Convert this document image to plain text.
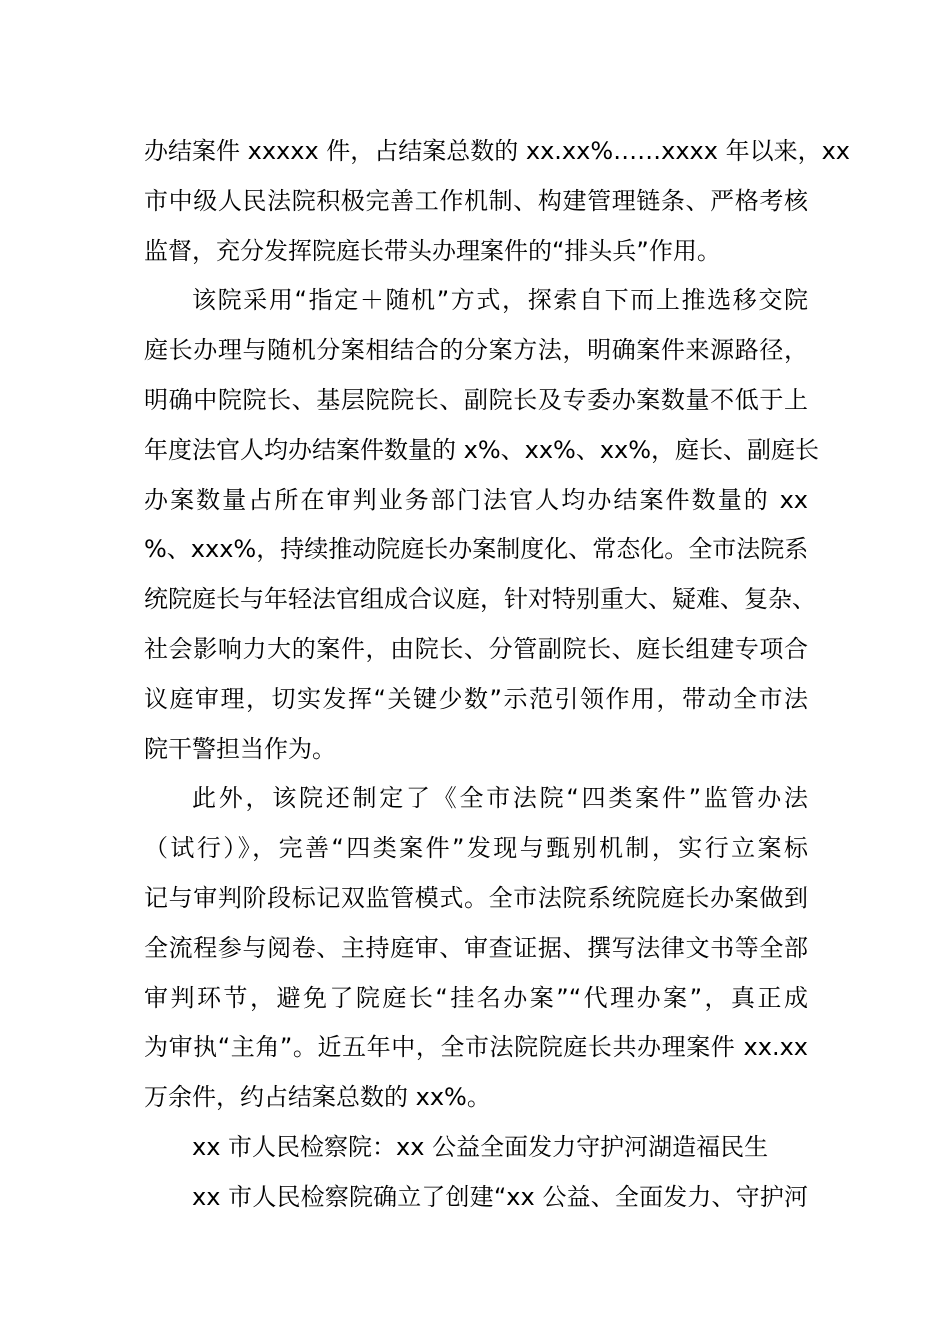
办结案件 xxxxx 件，占结案总数的 xx.xx%……xxxx 年以来，xx
市中级人民法院积极完善工作机制、构建管理链条、严格考核
监督，充分发挥院庭长带头办理案件的“排头兵”作用。

该院采用“指定＋随机”方式，探索自下而上推选移交院
庭长办理与随机分案相结合的分案方法，明确案件来源路径，
明确中院院长、基层院院长、副院长及专委办案数量不低于上
年度法官人均办结案件数量的 x%、xx%、xx%，庭长、副庭长
办案数量占所在审判业务部门法官人均办结案件数量的 xx
%、xxx%，持续推动院庭长办案制度化、常态化。全市法院系
统院庭长与年轻法官组成合议庭，针对特别重大、疑难、复杂、
社会影响力大的案件，由院长、分管副院长、庭长组建专项合
议庭审理，切实发挥“关键少数”示范引领作用，带动全市法
院干警担当作为。

此外，该院还制定了《全市法院“四类案件”监管办法
（试行）》，完善“四类案件”发现与甄别机制，实行立案标
记与审判阶段标记双监管模式。全市法院系统院庭长办案做到
全流程参与阅卷、主持庭审、审查证据、撰写法律文书等全部
审判环节，避免了院庭长“挂名办案”“代理办案”，真正成
为审执“主角”。近五年中，全市法院院庭长共办理案件 xx.xx
万余件，约占结案总数的 xx%。

xx 市人民检察院：xx 公益全面发力守护河湖造福民生

xx 市人民检察院确立了创建“xx 公益、全面发力、守护河
